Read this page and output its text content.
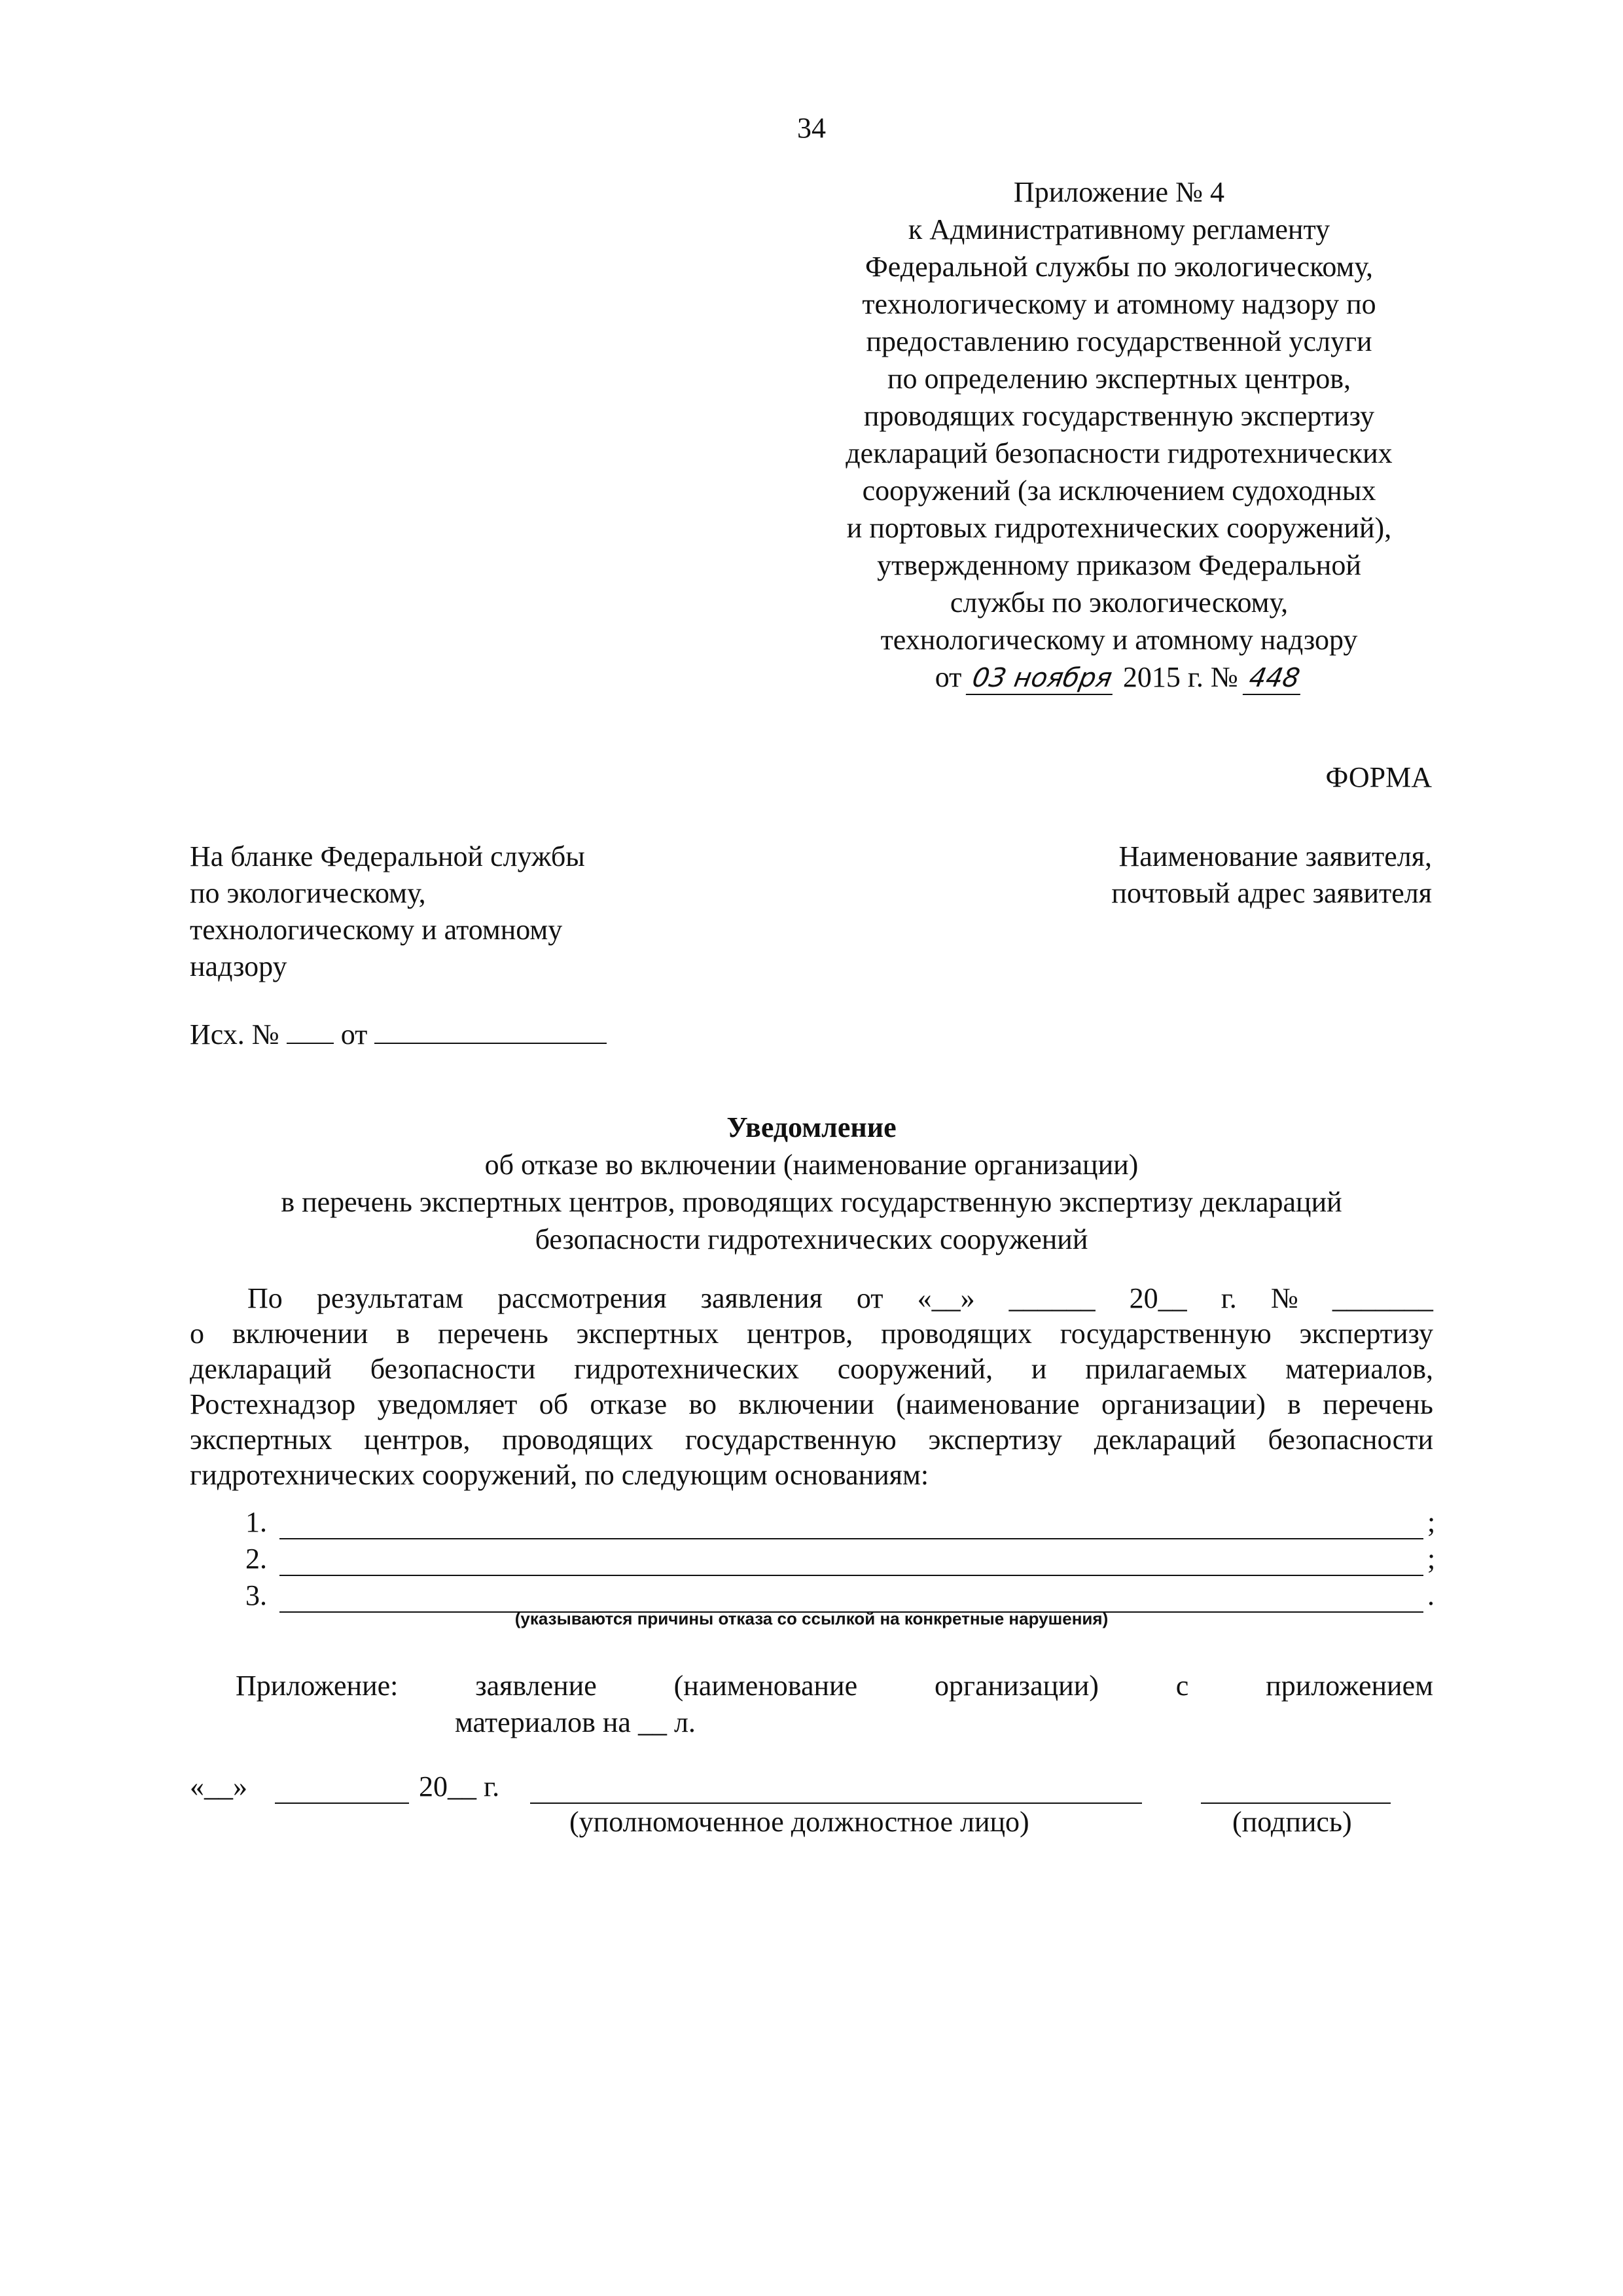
34
Приложение № 4
к Административному регламенту
Федеральной службы по экологическому,
технологическому и атомному надзору по
предоставлению государственной услуги
по определению экспертных центров,
проводящих государственную экспертизу
деклараций безопасности гидротехнических
сооружений (за исключением судоходных
и портовых гидротехнических сооружений),
утвержденному приказом Федеральной
службы по экологическому,
технологическому и атомному надзору
от 03 ноября 2015 г. № 448
ФОРМА
На бланке Федеральной службы
по экологическому,
технологическому и атомному
надзору
Наименование заявителя,
почтовый адрес заявителя
Исх. № от
Уведомление
об отказе во включении (наименование организации)
в перечень экспертных центров, проводящих государственную экспертизу деклараций
безопасности гидротехнических сооружений
По результатам рассмотрения заявления от «__» ______ 20__ г. № _______
о включении в перечень экспертных центров, проводящих государственную экспертизу
деклараций безопасности гидротехнических сооружений, и прилагаемых материалов,
Ростехнадзор уведомляет об отказе во включении (наименование организации) в перечень
экспертных центров, проводящих государственную экспертизу деклараций безопасности
гидротехнических сооружений, по следующим основаниям:
1.	;
2.	;
3.	.
(указываются причины отказа со ссылкой на конкретные нарушения)
Приложение:	заявление	(наименование	организации)	с	приложением
материалов на __ л.
«__»	20__ г.
(уполномоченное должностное лицо)	(подпись)
